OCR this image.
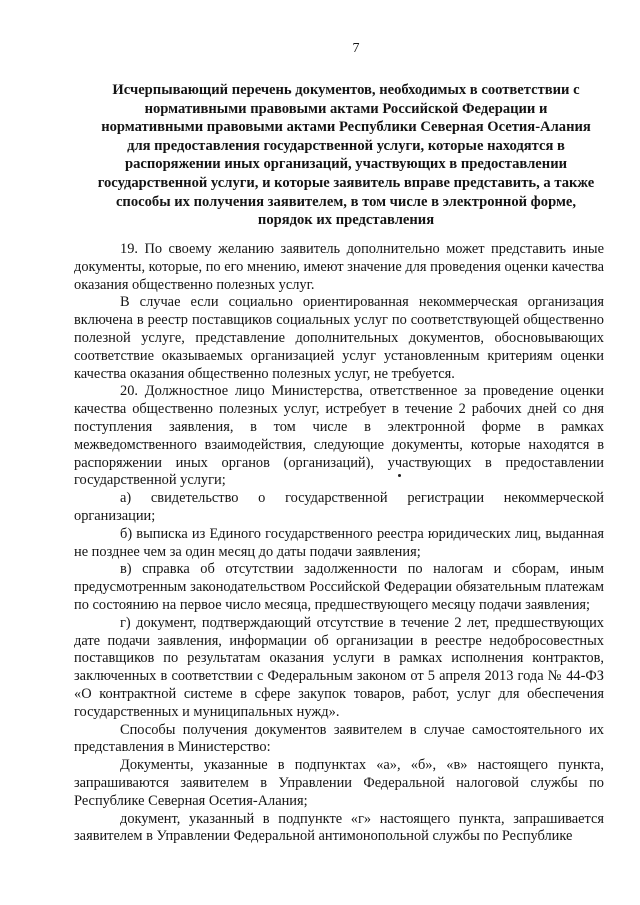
7
Исчерпывающий перечень документов, необходимых в соответствии с
нормативными правовыми актами Российской Федерации и
нормативными правовыми актами Республики Северная Осетия-Алания
для предоставления государственной услуги, которые находятся в
распоряжении иных организаций, участвующих в предоставлении
государственной услуги, и которые заявитель вправе представить, а также
способы их получения заявителем, в том числе в электронной форме,
порядок их представления

19. По своему желанию заявитель дополнительно может представить иные документы, которые, по его мнению, имеют значение для проведения оценки качества оказания общественно полезных услуг.

В случае если социально ориентированная некоммерческая организация включена в реестр поставщиков социальных услуг по соответствующей общественно полезной услуге, представление дополнительных документов, обосновывающих соответствие оказываемых организацией услуг установленным критериям оценки качества оказания общественно полезных услуг, не требуется.

20. Должностное лицо Министерства, ответственное за проведение оценки качества общественно полезных услуг, истребует в течение 2 рабочих дней со дня поступления заявления, в том числе в электронной форме в рамках межведомственного взаимодействия, следующие документы, которые находятся в распоряжении иных органов (организаций), участвующих в предоставлении государственной услуги;

а) свидетельство о государственной регистрации некоммерческой организации;

б) выписка из Единого государственного реестра юридических лиц, выданная не позднее чем за один месяц до даты подачи заявления;

в) справка об отсутствии задолженности по налогам и сборам, иным предусмотренным законодательством Российской Федерации обязательным платежам по состоянию на первое число месяца, предшествующего месяцу подачи заявления;

г) документ, подтверждающий отсутствие в течение 2 лет, предшествующих дате подачи заявления, информации об организации в реестре недобросовестных поставщиков по результатам оказания услуги в рамках исполнения контрактов, заключенных в соответствии с Федеральным законом от 5 апреля 2013 года № 44-ФЗ «О контрактной системе в сфере закупок товаров, работ, услуг для обеспечения государственных и муниципальных нужд».

Способы получения документов заявителем в случае самостоятельного их представления в Министерство:

Документы, указанные в подпунктах «а», «б», «в» настоящего пункта, запрашиваются заявителем в Управлении Федеральной налоговой службы по Республике Северная Осетия-Алания;

документ, указанный в подпункте «г» настоящего пункта, запрашивается заявителем в Управлении Федеральной антимонопольной службы по Республике
